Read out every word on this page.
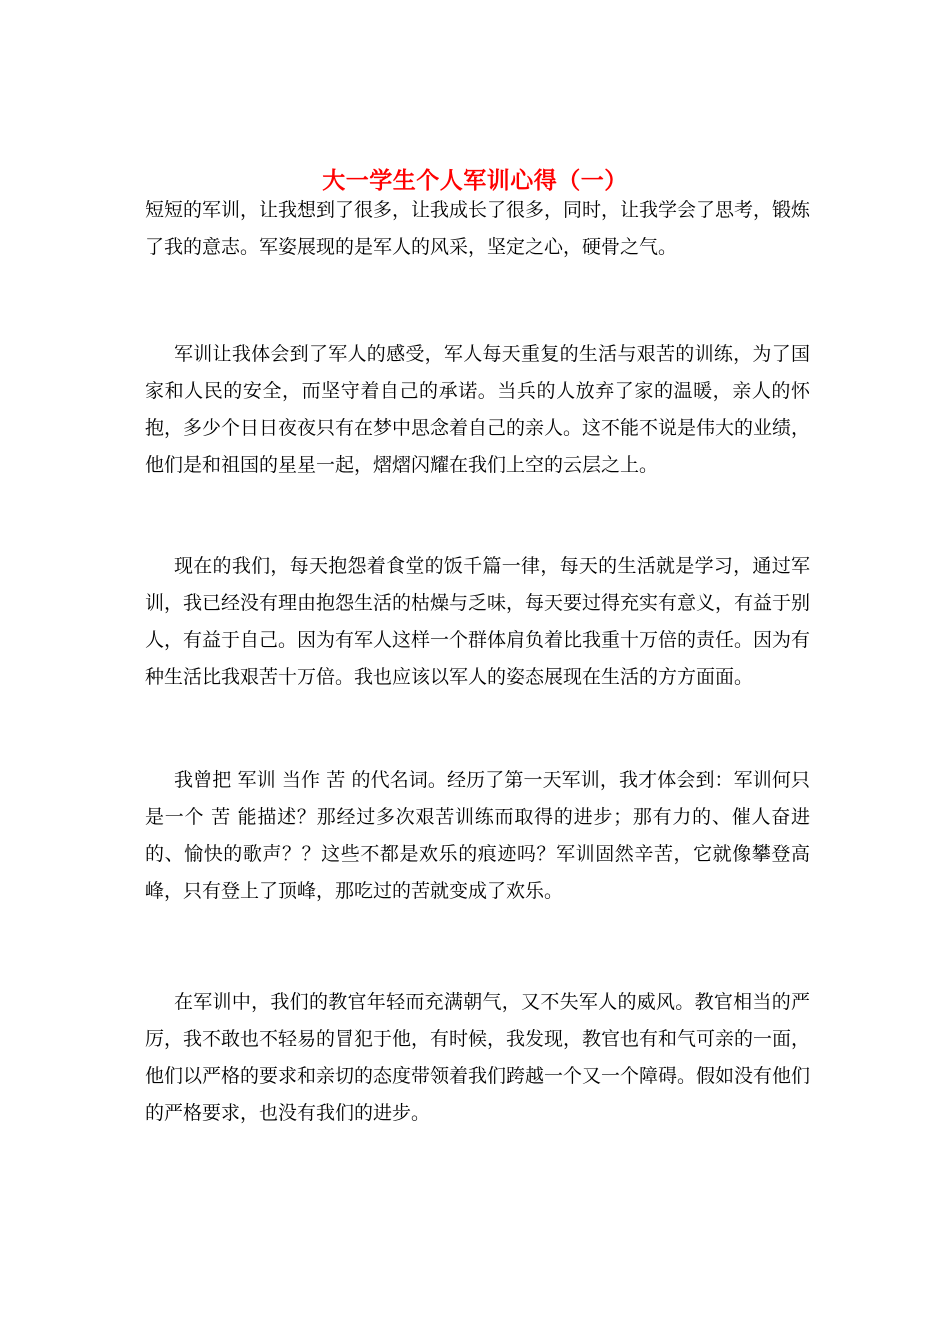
大一学生个人军训心得（一）

短短的军训，让我想到了很多，让我成长了很多，同时，让我学会了思考，锻炼了我的意志。军姿展现的是军人的风采，坚定之心，硬骨之气。

军训让我体会到了军人的感受，军人每天重复的生活与艰苦的训练，为了国家和人民的安全，而坚守着自己的承诺。当兵的人放弃了家的温暖，亲人的怀抱，多少个日日夜夜只有在梦中思念着自己的亲人。这不能不说是伟大的业绩，他们是和祖国的星星一起，熠熠闪耀在我们上空的云层之上。

现在的我们，每天抱怨着食堂的饭千篇一律，每天的生活就是学习，通过军训，我已经没有理由抱怨生活的枯燥与乏味，每天要过得充实有意义，有益于别人，有益于自己。因为有军人这样一个群体肩负着比我重十万倍的责任。因为有种生活比我艰苦十万倍。我也应该以军人的姿态展现在生活的方方面面。

我曾把 军训 当作 苦 的代名词。经历了第一天军训，我才体会到：军训何只是一个 苦 能描述？那经过多次艰苦训练而取得的进步；那有力的、催人奋进的、愉快的歌声？？这些不都是欢乐的痕迹吗？军训固然辛苦，它就像攀登高峰，只有登上了顶峰，那吃过的苦就变成了欢乐。

在军训中，我们的教官年轻而充满朝气，又不失军人的威风。教官相当的严厉，我不敢也不轻易的冒犯于他，有时候，我发现，教官也有和气可亲的一面，他们以严格的要求和亲切的态度带领着我们跨越一个又一个障碍。假如没有他们的严格要求，也没有我们的进步。
